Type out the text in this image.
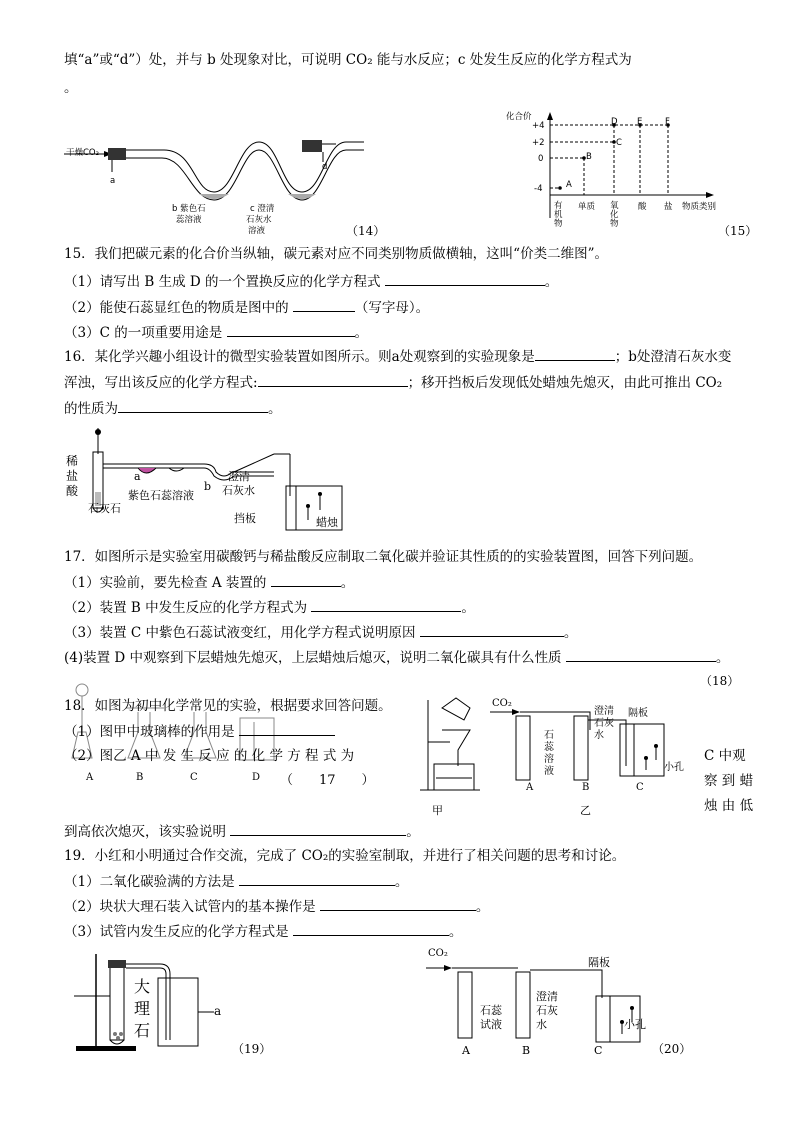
填“a”或“d”）处，并与 b 处现象对比，可说明 CO₂ 能与水反应；c 处发生反应的化学方程式为
。
干燥CO₂
a
d
b 紫色石
蕊溶液
c 澄清
石灰水
溶液	（14）
化合价
+4
+2
0
-4	A
B
C
D E	F
有机物
单质 氧化物
酸 盐 物质类别
（15）
15．我们把碳元素的化合价当纵轴，碳元素对应不同类别物质做横轴，这叫“价类二维图”。
（1）请写出 B 生成 D 的一个置换反应的化学方程式	。
（2）能使石蕊显红色的物质是图中的	（写字母）。
（3）C 的一项重要用途是	。
16．某化学兴趣小组设计的微型实验装置如图所示。则a处观察到的实验现象是	；b处澄清石灰水变
浑浊，写出该反应的化学方程式:	；移开挡板后发现低处蜡烛先熄灭，由此可推出 CO₂
的性质为	。
稀
盐
酸
a
b
紫色石蕊溶液
澄清
石灰水
石灰石
挡板	蜡烛
17．如图所示是实验室用碳酸钙与稀盐酸反应制取二氧化碳并验证其性质的的实验装置图，回答下列问题。
（1）实验前，要先检查 A 装置的	。
（2）装置 B 中发生反应的化学方程式为	。
（3）装置 C 中紫色石蕊试液变红，用化学方程式说明原因	。
(4)装置 D 中观察到下层蜡烛先熄灭，上层蜡烛后熄灭，说明二氧化碳具有什么性质	。
（18）
18．如图为初中化学常见的实验，根据要求回答问题。
（1）图甲中玻璃棒的作用是
（2）图乙 A 中 发 生 反 应 的 化 学 方 程 式 为
（　　17　　）
A	B	C	D
C 中观
察 到 蜡
烛 由 低
到高依次熄灭，该实验说明	。
甲	乙
CO₂
A	B	C
石
蕊
溶
液
澄清
石灰
水
隔板
小孔
19．小红和小明通过合作交流，完成了 CO₂的实验室制取，并进行了相关问题的思考和讨论。
（1）二氧化碳验满的方法是	。
（2）块状大理石装入试管内的基本操作是	。
（3）试管内发生反应的化学方程式是	。
大
理
石
a
（19）
CO₂
隔板
石蕊
试液
澄清
石灰
水	小孔
A	B	C	（20）
